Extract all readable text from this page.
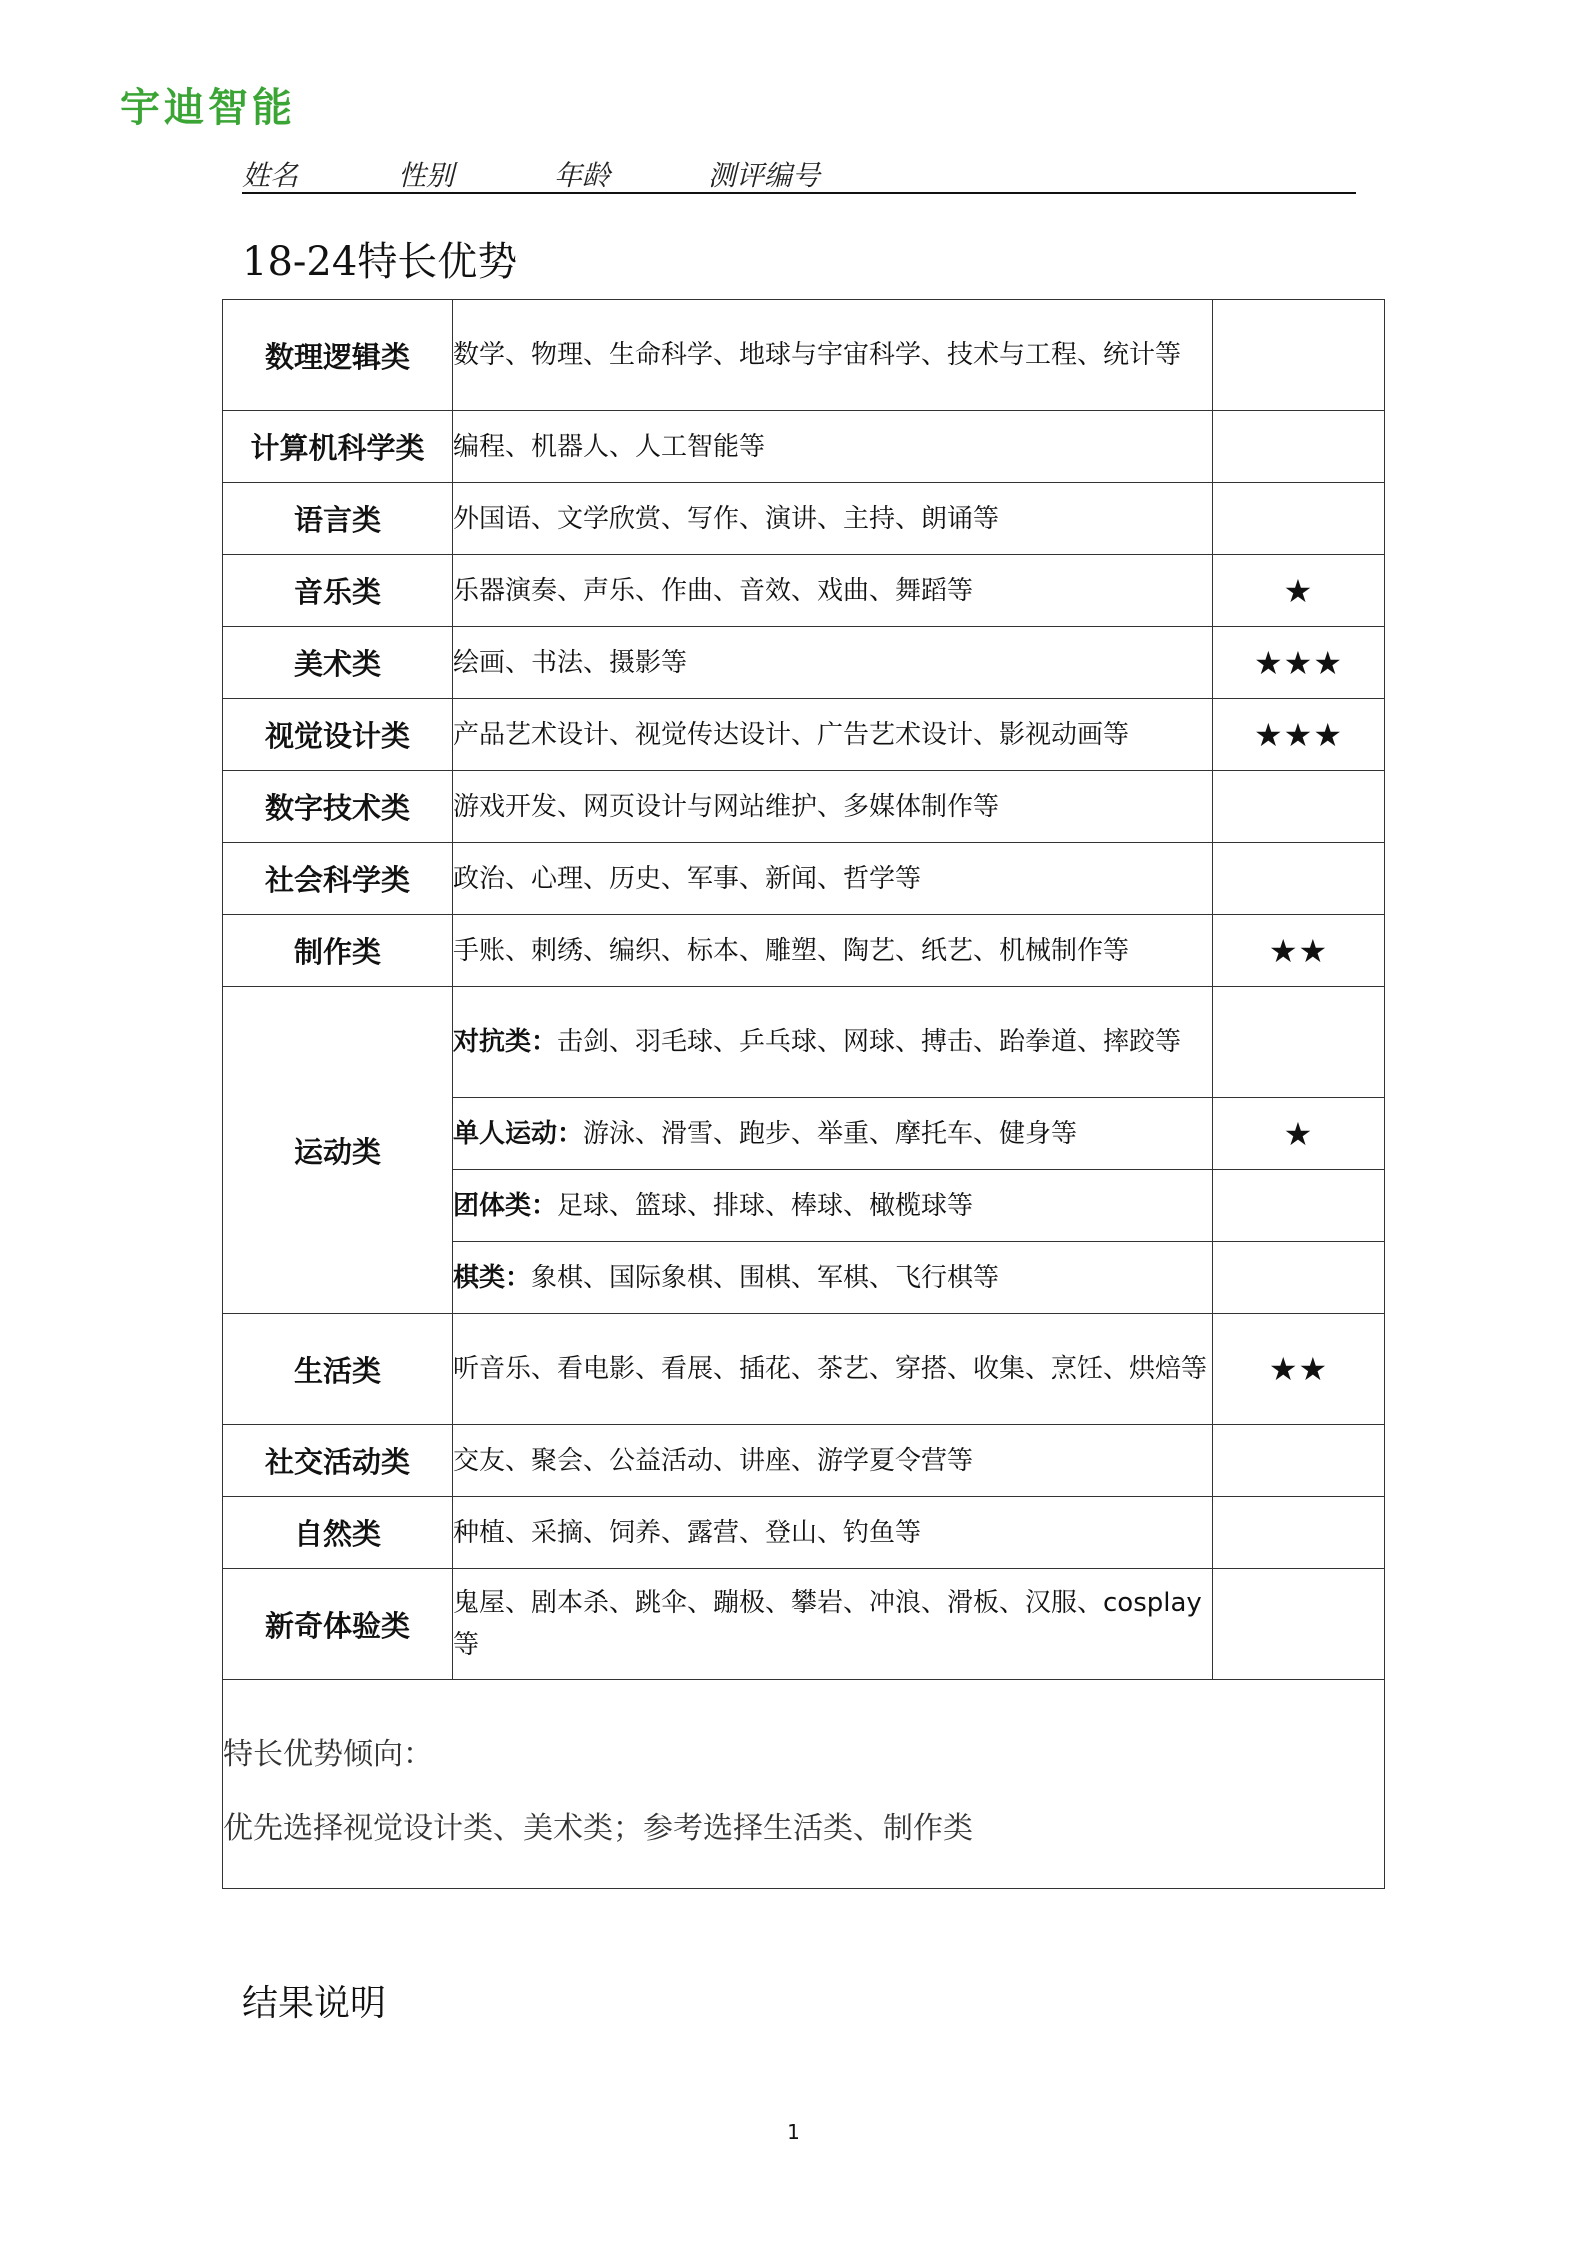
宇迪智能
姓名	性别	年龄	测评编号
18-24特长优势
数理逻辑类	数学、物理、生命科学、地球与宇宙科学、技术与工程、统计等	
计算机科学类	编程、机器人、人工智能等	
语言类	外国语、文学欣赏、写作、演讲、主持、朗诵等	
音乐类	乐器演奏、声乐、作曲、音效、戏曲、舞蹈等	★
美术类	绘画、书法、摄影等	★★★
视觉设计类	产品艺术设计、视觉传达设计、广告艺术设计、影视动画等	★★★
数字技术类	游戏开发、网页设计与网站维护、多媒体制作等	
社会科学类	政治、心理、历史、军事、新闻、哲学等	
制作类	手账、刺绣、编织、标本、雕塑、陶艺、纸艺、机械制作等	★★
运动类	对抗类：击剑、羽毛球、乒乓球、网球、搏击、跆拳道、摔跤等	
	单人运动：游泳、滑雪、跑步、举重、摩托车、健身等	★
	团体类：足球、篮球、排球、棒球、橄榄球等	
	棋类：象棋、国际象棋、围棋、军棋、飞行棋等	
生活类	听音乐、看电影、看展、插花、茶艺、穿搭、收集、烹饪、烘焙等	★★
社交活动类	交友、聚会、公益活动、讲座、游学夏令营等	
自然类	种植、采摘、饲养、露营、登山、钓鱼等	
新奇体验类	鬼屋、剧本杀、跳伞、蹦极、攀岩、冲浪、滑板、汉服、cosplay等	

特长优势倾向：
优先选择视觉设计类、美术类；参考选择生活类、制作类		
结果说明
1
